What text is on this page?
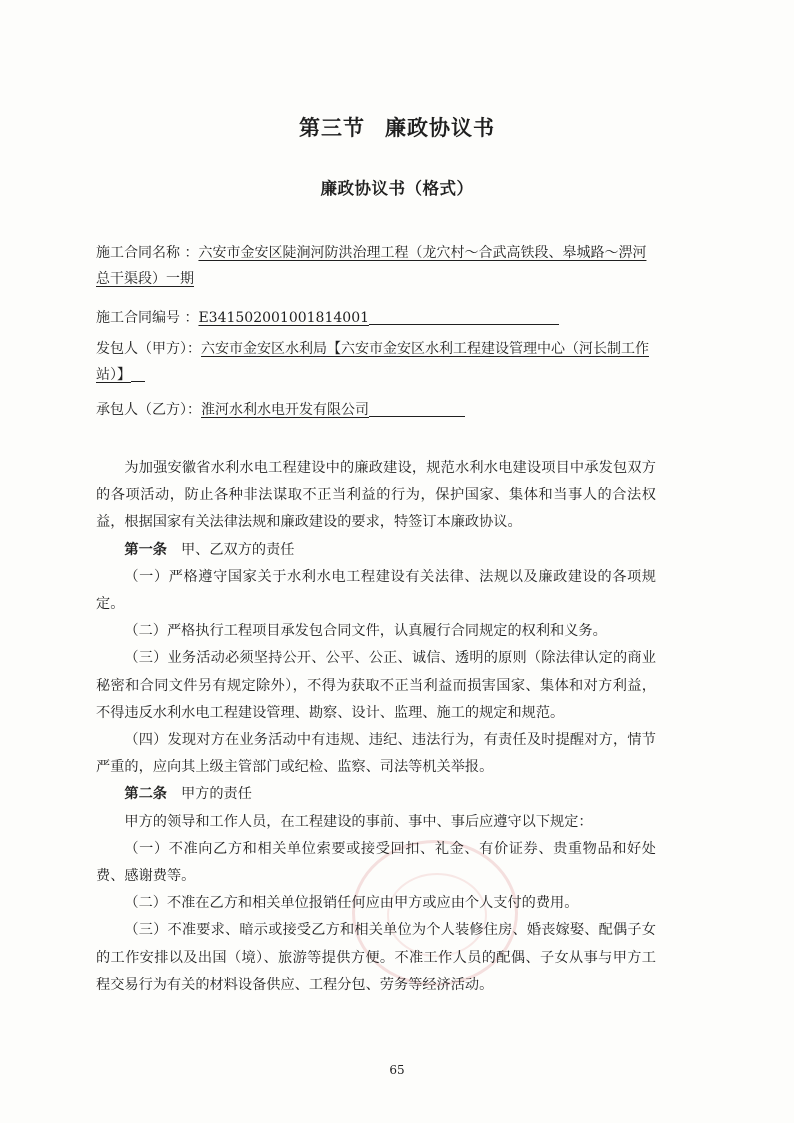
第三节 廉政协议书
廉政协议书（格式）
施工合同名称 ：六安市金安区陡涧河防洪治理工程（龙穴村～合武高铁段、皋城路～淠河总干渠段）一期
施工合同编号 ：E3415020010018140​01
发包人（甲方）：六安市金安区水利局【六安市金安区水利工程建设管理中心（河长制工作站）】
承包人（乙方）：淮河水利水电开发有限公司

为加强安徽省水利水电工程建设中的廉政建设，规范水利水电建设项目中承发包双方的各项活动，防止各种非法谋取不正当利益的行为，保护国家、集体和当事人的合法权益，根据国家有关法律法规和廉政建设的要求，特签订本廉政协议。

第一条 甲、乙双方的责任

（一）严格遵守国家关于水利水电工程建设有关法律、法规以及廉政建设的各项规定。

（二）严格执行工程项目承发包合同文件，认真履行合同规定的权利和义务。

（三）业务活动必须坚持公开、公平、公正、诚信、透明的原则（除法律认定的商业秘密和合同文件另有规定除外），不得为获取不正当利益而损害国家、集体和对方利益，不得违反水利水电工程建设管理、勘察、设计、监理、施工的规定和规范。

（四）发现对方在业务活动中有违规、违纪、违法行为，有责任及时提醒对方，情节严重的，应向其上级主管部门或纪检、监察、司法等机关举报。

第二条 甲方的责任

甲方的领导和工作人员，在工程建设的事前、事中、事后应遵守以下规定：

（一）不准向乙方和相关单位索要或接受回扣、礼金、有价证券、贵重物品和好处费、感谢费等。

（二）不准在乙方和相关单位报销任何应由甲方或应由个人支付的费用。

（三）不准要求、暗示或接受乙方和相关单位为个人装修住房、婚丧嫁娶、配偶子女的工作安排以及出国（境）、旅游等提供方便。不准工作人员的配偶、子女从事与甲方工程交易行为有关的材料设备供应、工程分包、劳务等经济活动。

65
